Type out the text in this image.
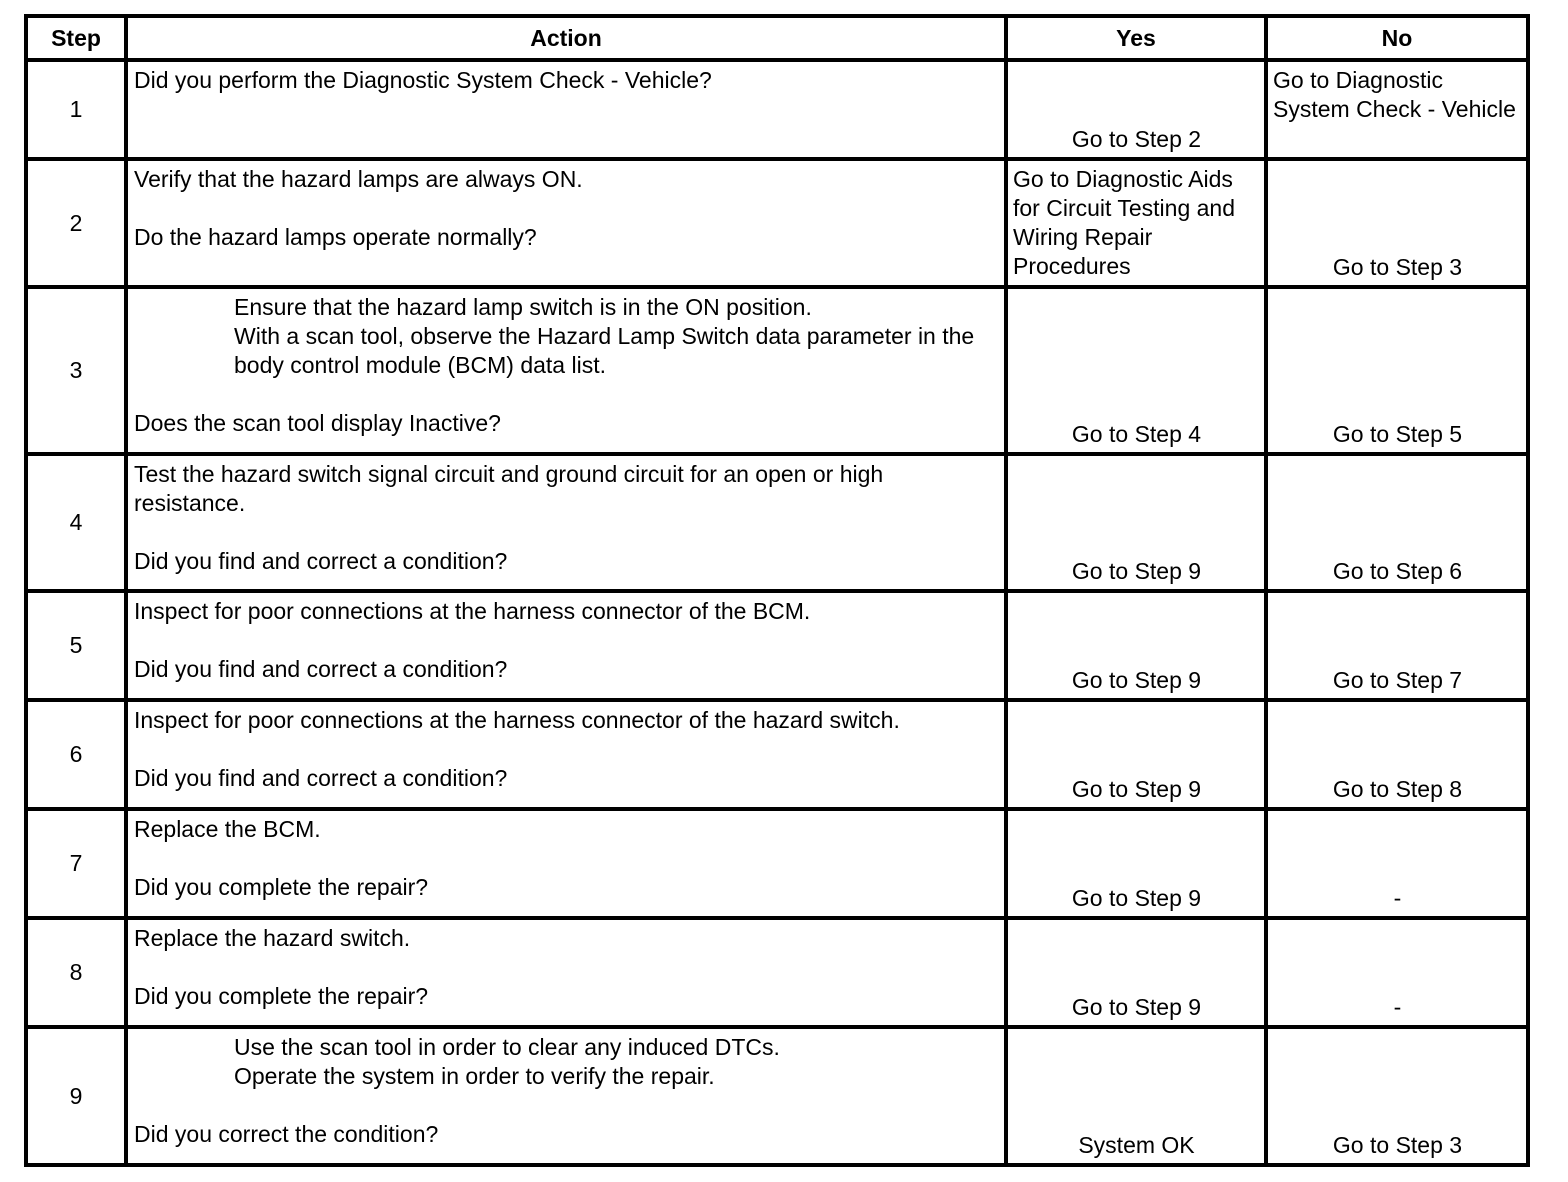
Step	Action	Yes	No
1	Did you perform the Diagnostic System Check - Vehicle?	Go to Step 2	Go to Diagnostic System Check - Vehicle
2	Verify that the hazard lamps are always ON.
Do the hazard lamps operate normally?	Go to Diagnostic Aids for Circuit Testing and Wiring Repair Procedures	Go to Step 3
3	Ensure that the hazard lamp switch is in the ON position.
With a scan tool, observe the Hazard Lamp Switch data parameter in the body control module (BCM) data list.
Does the scan tool display Inactive?	Go to Step 4	Go to Step 5
4	Test the hazard switch signal circuit and ground circuit for an open or high resistance.
Did you find and correct a condition?	Go to Step 9	Go to Step 6
5	Inspect for poor connections at the harness connector of the BCM.
Did you find and correct a condition?	Go to Step 9	Go to Step 7
6	Inspect for poor connections at the harness connector of the hazard switch.
Did you find and correct a condition?	Go to Step 9	Go to Step 8
7	Replace the BCM.
Did you complete the repair?	Go to Step 9	-
8	Replace the hazard switch.
Did you complete the repair?	Go to Step 9	-
9	Use the scan tool in order to clear any induced DTCs.
Operate the system in order to verify the repair.
Did you correct the condition?	System OK	Go to Step 3
